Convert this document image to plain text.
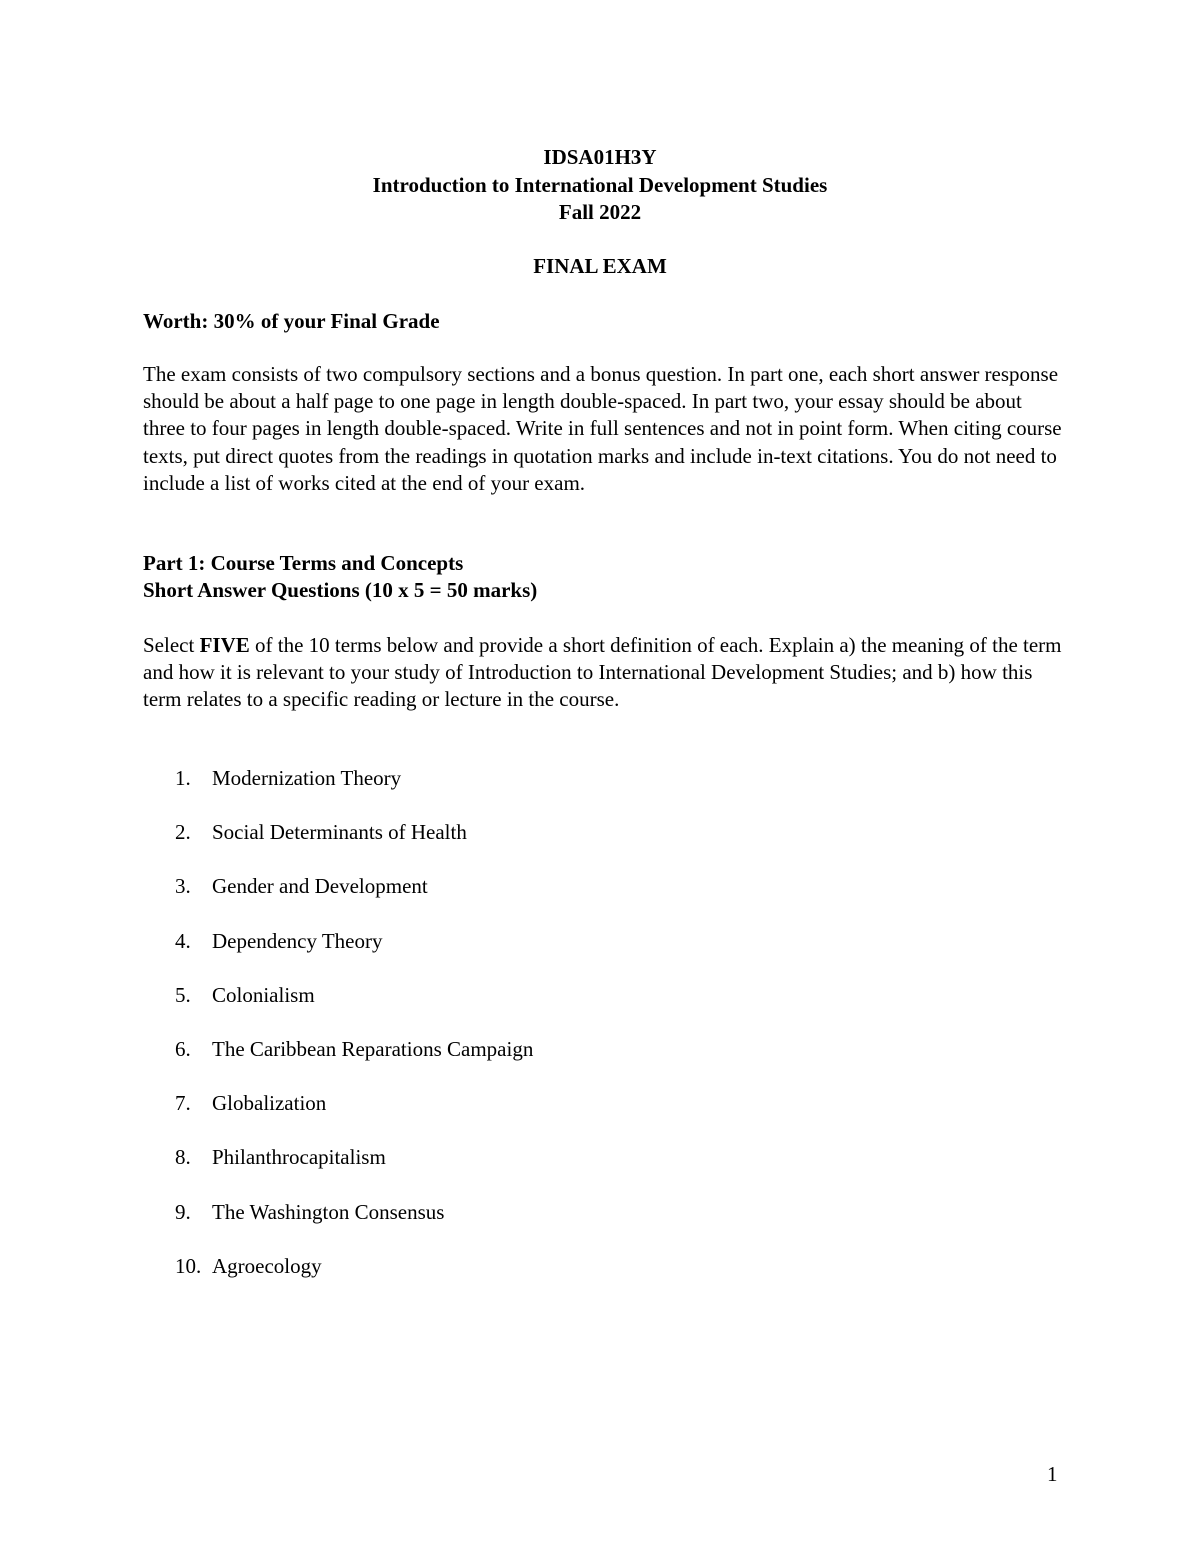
IDSA01H3Y
Introduction to International Development Studies
Fall 2022
FINAL EXAM
Worth: 30% of your Final Grade
The exam consists of two compulsory sections and a bonus question. In part one, each short answer response should be about a half page to one page in length double-spaced. In part two, your essay should be about three to four pages in length double-spaced. Write in full sentences and not in point form. When citing course texts, put direct quotes from the readings in quotation marks and include in-text citations. You do not need to include a list of works cited at the end of your exam.
Part 1: Course Terms and Concepts
Short Answer Questions (10 x 5 = 50 marks)
Select FIVE of the 10 terms below and provide a short definition of each. Explain a) the meaning of the term and how it is relevant to your study of Introduction to International Development Studies; and b) how this term relates to a specific reading or lecture in the course.
1.	Modernization Theory
2.	Social Determinants of Health
3.	Gender and Development
4.	Dependency Theory
5.	Colonialism
6.	The Caribbean Reparations Campaign
7.	Globalization
8.	Philanthrocapitalism
9.	The Washington Consensus
10. Agroecology
1
